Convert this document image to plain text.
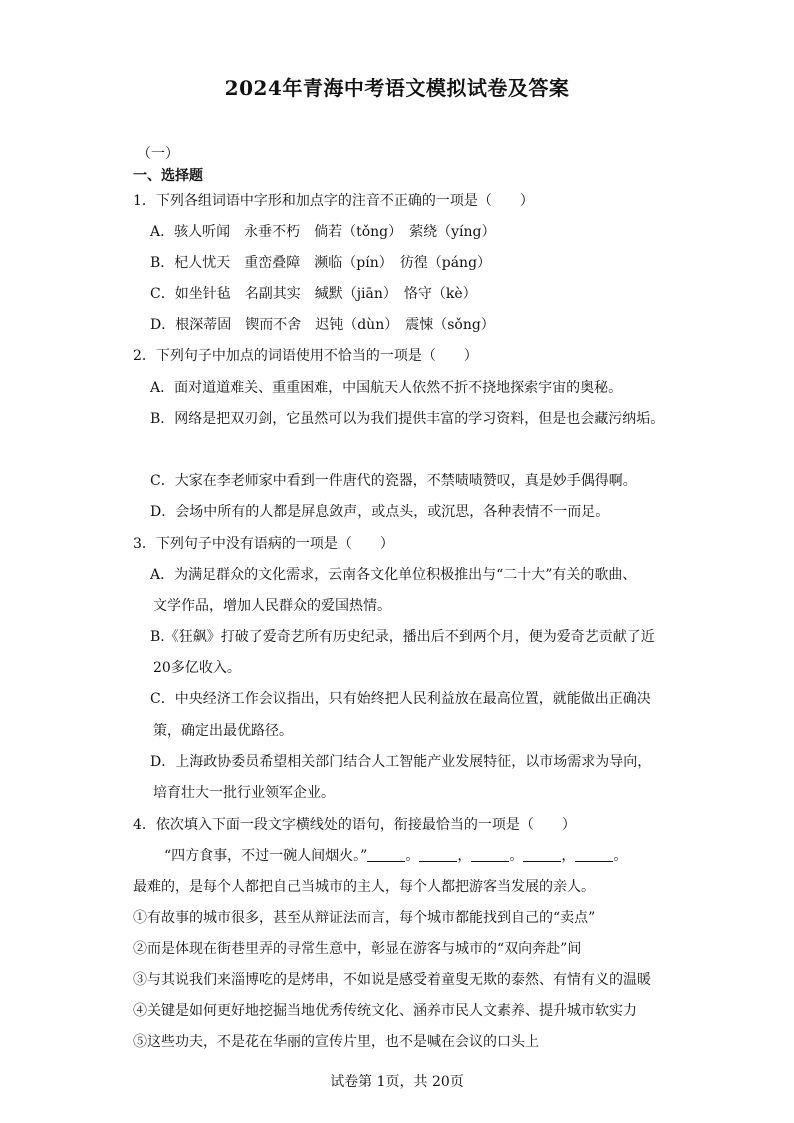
2024年青海中考语文模拟试卷及答案
（一）
一、选择题
1．下列各组词语中字形和加点字的注音不正确的一项是（　　）
A．骇人听闻　永垂不朽　倘若（tǒng）　萦绕（yíng）
B．杞人忧天　重峦叠障　濒临（pín）　彷徨（páng）
C．如坐针毡　名副其实　缄默（jiān）　恪守（kè）
D．根深蒂固　锲而不舍　迟钝（dùn）　震悚（sǒng）
2．下列句子中加点的词语使用不恰当的一项是（　　）
A．面对道道难关、重重困难，中国航天人依然不折不挠地探索宇宙的奥秘。
B．网络是把双刃剑，它虽然可以为我们提供丰富的学习资料，但是也会藏污纳垢。
C．大家在李老师家中看到一件唐代的瓷器，不禁啧啧赞叹，真是妙手偶得啊。
D．会场中所有的人都是屏息敛声，或点头，或沉思，各种表情不一而足。
3．下列句子中没有语病的一项是（　　）
A．为满足群众的文化需求，云南各文化单位积极推出与“二十大”有关的歌曲、
文学作品，增加人民群众的爱国热情。
B.《狂飙》打破了爱奇艺所有历史纪录，播出后不到两个月，便为爱奇艺贡献了近
20多亿收入。
C．中央经济工作会议指出，只有始终把人民利益放在最高位置，就能做出正确决
策，确定出最优路径。
D．上海政协委员希望相关部门结合人工智能产业发展特征，以市场需求为导向，
培育壮大一批行业领军企业。
4．依次填入下面一段文字横线处的语句，衔接最恰当的一项是（　　）
“四方食事，不过一碗人间烟火。”	。	，	。	，	。
最难的，是每个人都把自己当城市的主人，每个人都把游客当发展的亲人。
①有故事的城市很多，甚至从辩证法而言，每个城市都能找到自己的“卖点”
②而是体现在街巷里弄的寻常生意中，彰显在游客与城市的“双向奔赴”间
③与其说我们来淄博吃的是烤串，不如说是感受着童叟无欺的泰然、有情有义的温暖
④关键是如何更好地挖掘当地优秀传统文化、涵养市民人文素养、提升城市软实力
⑤这些功夫，不是花在华丽的宣传片里，也不是喊在会议的口头上
试卷第 1页，共 20页
